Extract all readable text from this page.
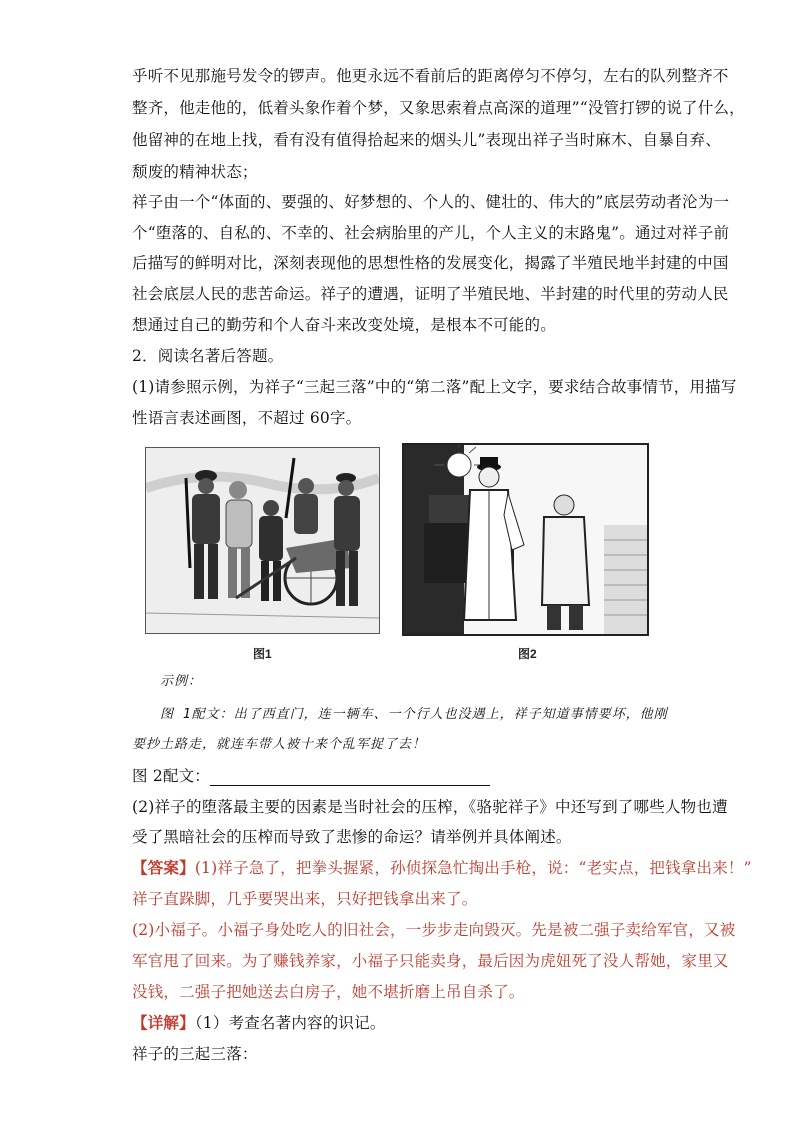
乎听不见那施号发令的锣声。他更永远不看前后的距离停匀不停匀，左右的队列整齐不
整齐，他走他的，低着头象作着个梦，又象思索着点高深的道理”“没管打锣的说了什么，
他留神的在地上找，看有没有值得拾起来的烟头儿”表现出祥子当时麻木、自暴自弃、
颓废的精神状态；
祥子由一个“体面的、要强的、好梦想的、个人的、健壮的、伟大的”底层劳动者沦为一
个“堕落的、自私的、不幸的、社会病胎里的产儿，个人主义的末路鬼”。通过对祥子前
后描写的鲜明对比，深刻表现他的思想性格的发展变化，揭露了半殖民地半封建的中国
社会底层人民的悲苦命运。祥子的遭遇，证明了半殖民地、半封建的时代里的劳动人民
想通过自己的勤劳和个人奋斗来改变处境，是根本不可能的。
2．阅读名著后答题。
(1)请参照示例，为祥子“三起三落”中的“第二落”配上文字，要求结合故事情节，用描写
性语言表述画图，不超过 60字。
图1	图2
示例：
图 1配文：出了西直门，连一辆车、一个行人也没遇上，祥子知道事情要坏，他刚
要抄土路走，就连车带人被十来个乱军捉了去！
图 2配文：
(2)祥子的堕落最主要的因素是当时社会的压榨，《骆驼祥子》中还写到了哪些人物也遭
受了黑暗社会的压榨而导致了悲惨的命运？请举例并具体阐述。
【答案】(1)祥子急了，把拳头握紧，孙侦探急忙掏出手枪，说：“老实点，把钱拿出来！”
祥子直跺脚，几乎要哭出来，只好把钱拿出来了。
(2)小福子。小福子身处吃人的旧社会，一步步走向毁灭。先是被二强子卖给军官，又被
军官甩了回来。为了赚钱养家，小福子只能卖身，最后因为虎妞死了没人帮她，家里又
没钱，二强子把她送去白房子，她不堪折磨上吊自杀了。
【详解】（1）考查名著内容的识记。
祥子的三起三落：
